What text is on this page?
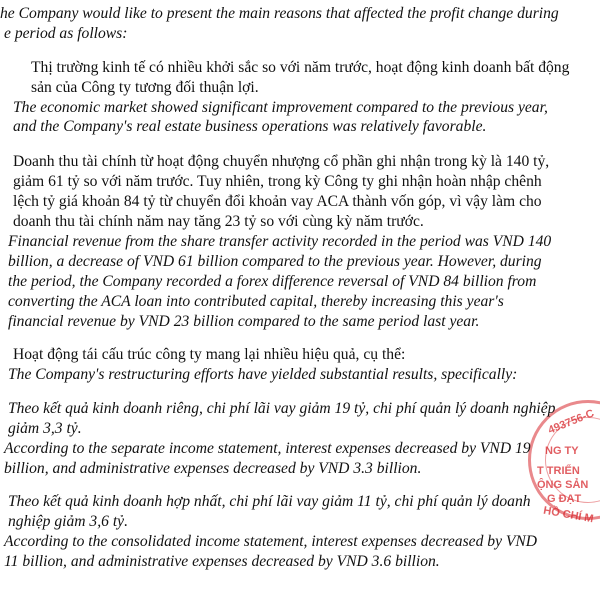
493756-C
NG TY
T TRIỂN
ỘNG SẢN
G ĐẠT
HỒ CHÍ M
he Company would like to present the main reasons that affected the profit change during
e period as follows:
Thị trường kinh tế có nhiều khởi sắc so với năm trước, hoạt động kinh doanh bất động
sản của Công ty tương đối thuận lợi.
The economic market showed significant improvement compared to the previous year,
and the Company's real estate business operations was relatively favorable.
Doanh thu tài chính từ hoạt động chuyển nhượng cổ phần ghi nhận trong kỳ là 140 tỷ,
giảm 61 tỷ so với năm trước. Tuy nhiên, trong kỳ Công ty ghi nhận hoàn nhập chênh
lệch tỷ giá khoản 84 tỷ từ chuyển đổi khoản vay ACA thành vốn góp, vì vậy làm cho
doanh thu tài chính năm nay tăng 23 tỷ so với cùng kỳ năm trước.
Financial revenue from the share transfer activity recorded in the period was VND 140
billion, a decrease of VND 61 billion compared to the previous year. However, during
the period, the Company recorded a forex difference reversal of VND 84 billion from
converting the ACA loan into contributed capital, thereby increasing this year's
financial revenue by VND 23 billion compared to the same period last year.
Hoạt động tái cấu trúc công ty mang lại nhiều hiệu quả, cụ thể:
The Company's restructuring efforts have yielded substantial results, specifically:
Theo kết quả kinh doanh riêng, chi phí lãi vay giảm 19 tỷ, chi phí quản lý doanh nghiệp
giảm 3,3 tỷ.
According to the separate income statement, interest expenses decreased by VND 19
billion, and administrative expenses decreased by VND 3.3 billion.
Theo kết quả kinh doanh hợp nhất, chi phí lãi vay giảm 11 tỷ, chi phí quản lý doanh
nghiệp giảm 3,6 tỷ.
According to the consolidated income statement, interest expenses decreased by VND
11 billion, and administrative expenses decreased by VND 3.6 billion.
